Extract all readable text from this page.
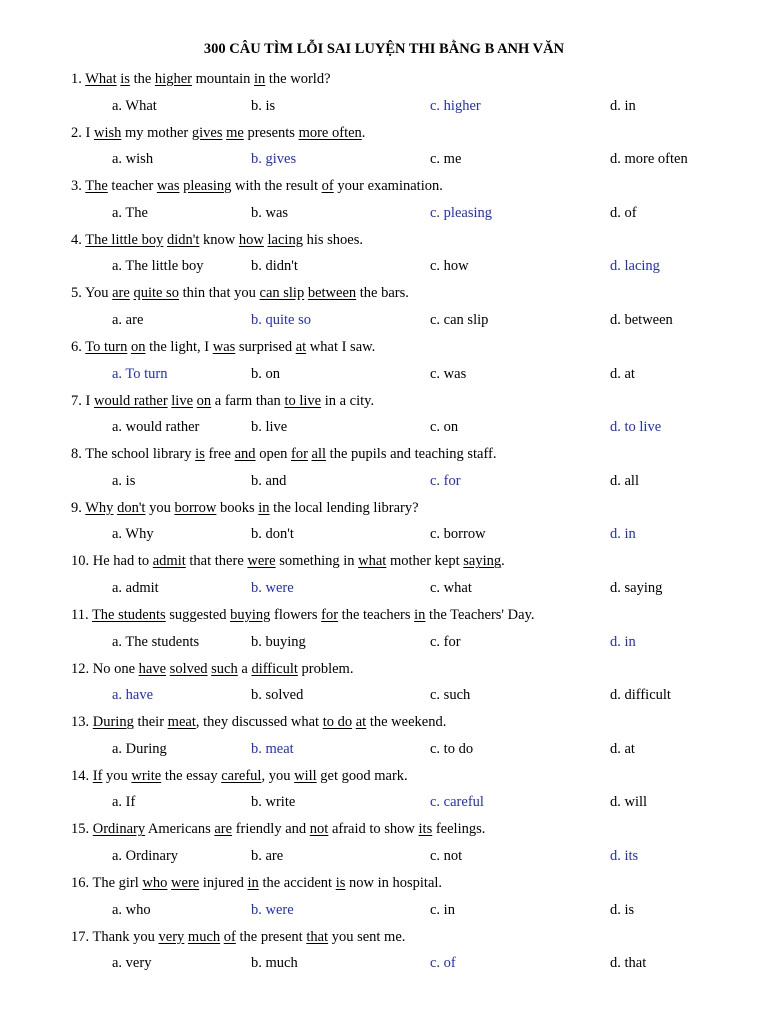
300 CÂU TÌM LỖI SAI LUYỆN THI BẰNG B ANH VĂN
1. What is the higher mountain in the world?
a. What	b. is	c. higher	d. in
2. I wish my mother gives me presents more often.
a. wish	b. gives	c. me	d. more often
3. The teacher was pleasing with the result of your examination.
a. The	b. was	c. pleasing	d. of
4. The little boy didn't know how lacing his shoes.
a. The little boy	b. didn't	c. how	d. lacing
5. You are quite so thin that you can slip between the bars.
a. are	b. quite so	c. can slip	d. between
6. To turn on the light, I was surprised at what I saw.
a. To turn	b. on	c. was	d. at
7. I would rather live on a farm than to live in a city.
a. would rather	b. live	c. on	d. to live
8. The school library is free and open for all the pupils and teaching staff.
a. is	b. and	c. for	d. all
9. Why don't you borrow books in the local lending library?
a. Why	b. don't	c. borrow	d. in
10. He had to admit that there were something in what mother kept saying.
a. admit	b. were	c. what	d. saying
11. The students suggested buying flowers for the teachers in the Teachers' Day.
a. The students	b. buying	c. for	d. in
12. No one have solved such a difficult problem.
a. have	b. solved	c. such	d. difficult
13. During their meat, they discussed what to do at the weekend.
a. During	b. meat	c. to do	d. at
14. If you write the essay careful, you will get good mark.
a. If	b. write	c. careful	d. will
15. Ordinary Americans are friendly and not afraid to show its feelings.
a. Ordinary	b. are	c. not	d. its
16. The girl who were injured in the accident is now in hospital.
a. who	b. were	c. in	d. is
17. Thank you very much of the present that you sent me.
a. very	b. much	c. of	d. that
